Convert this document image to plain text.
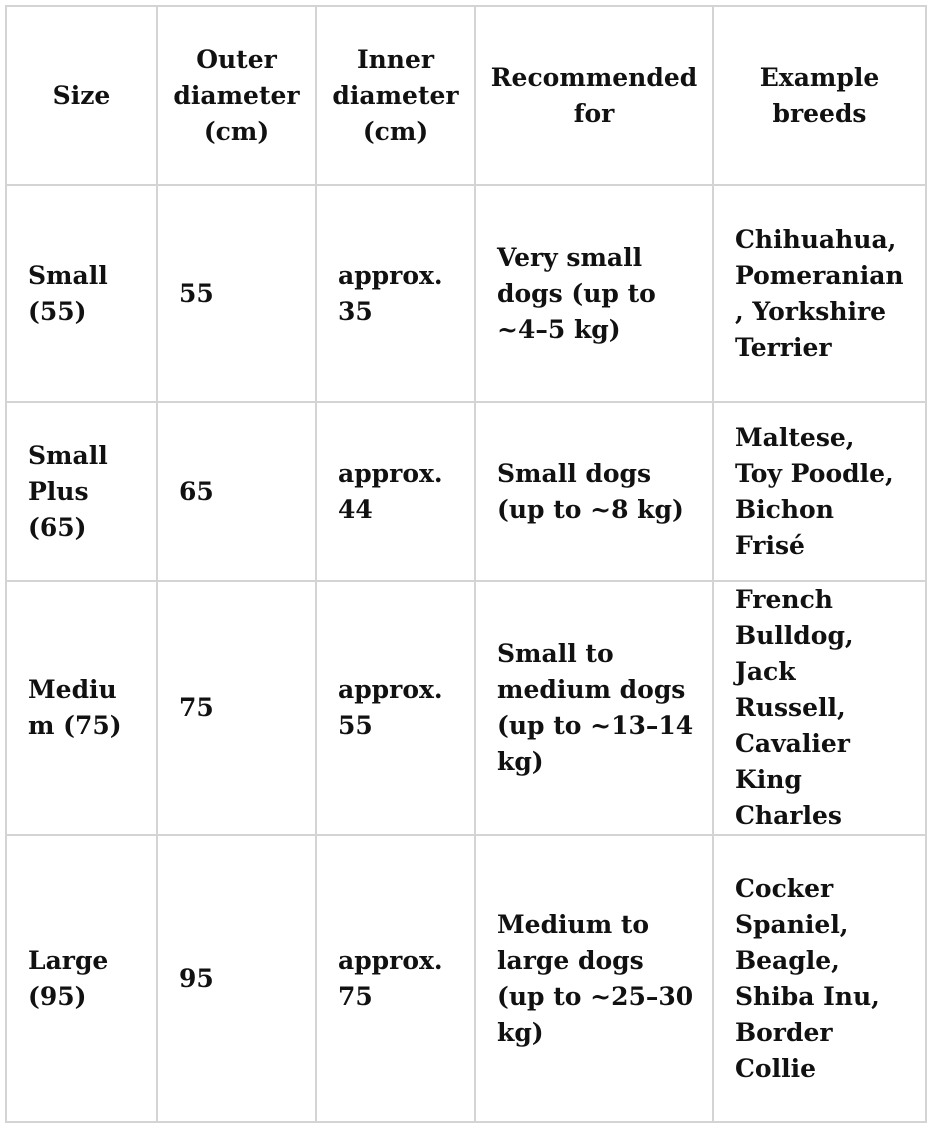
Size	Outer diameter (cm)	Inner diameter (cm)	Recommended for	Example breeds
Small (55)	55	approx. 35	Very small dogs (up to ~4–5 kg)	Chihuahua, Pomeranian, Yorkshire Terrier
Small Plus (65)	65	approx. 44	Small dogs (up to ~8 kg)	Maltese, Toy Poodle, Bichon Frisé
Medium (75)	75	approx. 55	Small to medium dogs (up to ~13–14 kg)	French Bulldog, Jack Russell, Cavalier King Charles
Large (95)	95	approx. 75	Medium to large dogs (up to ~25–30 kg)	Cocker Spaniel, Beagle, Shiba Inu, Border Collie
